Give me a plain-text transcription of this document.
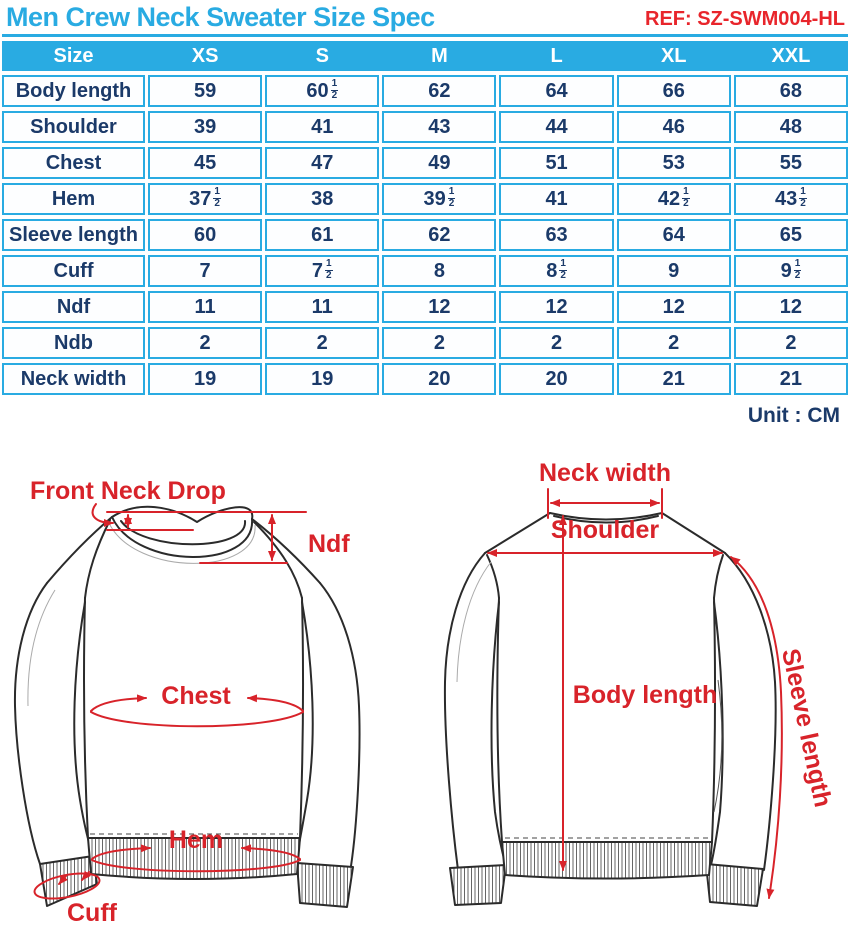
Men Crew Neck Sweater Size Spec	REF: SZ-SWM004-HL
Size	XS	S	M	L	XL	XXL
Body length	59	$60 \frac{1}{2}$	62	64	66	68
Shoulder	39	41	43	44	46	48
Chest	45	47	49	51	53	55
Hem	$37 \frac{1}{2}$	38	$39 \frac{1}{2}$	41	$42 \frac{1}{2}$	$43 \frac{1}{2}$
Sleeve length	60	61	62	63	64	65
Cuff	7	$7 \frac{1}{2}$	8	$8 \frac{1}{2}$	9	$9 \frac{1}{2}$
Ndf	11	11	12	12	12	12
Ndb	2	2	2	2	2	2
Neck width	19	19	20	20	21	21
Unit : CM
Front Neck Drop
Ndf
Chest
Hem
Cuff
Neck width
Shoulder
Body length Sleeve length
